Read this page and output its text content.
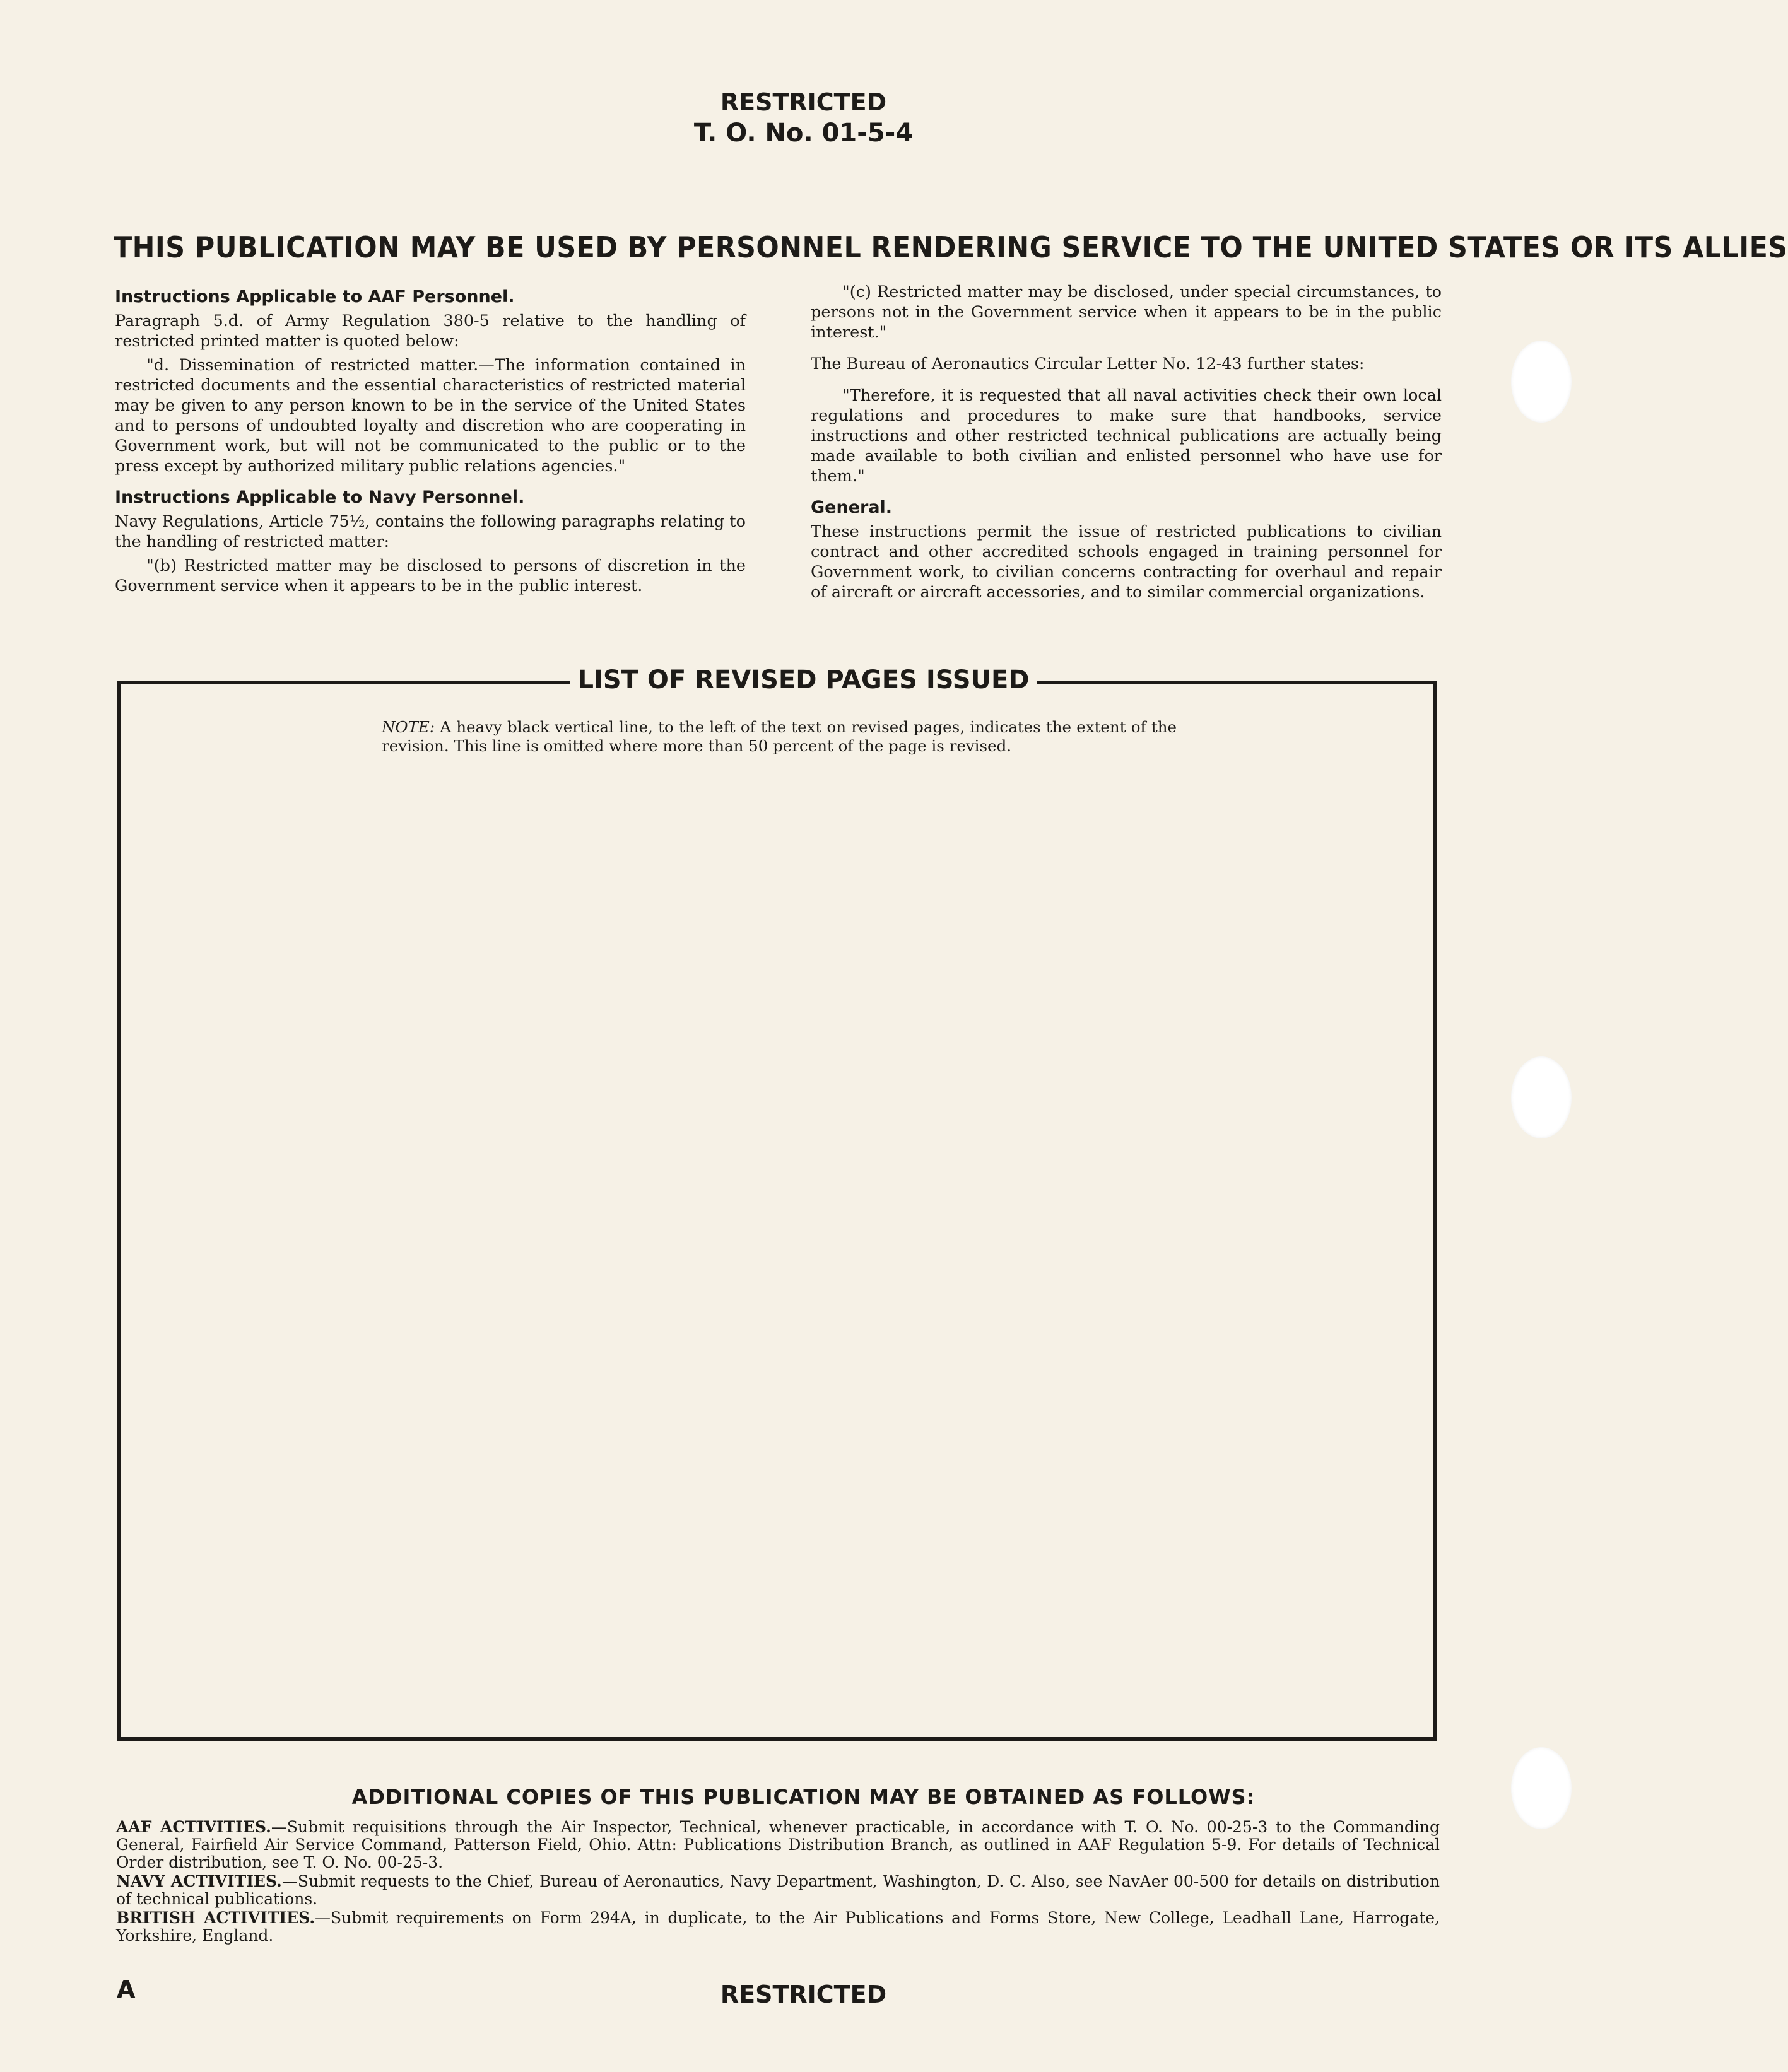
RESTRICTED
T. O. No. 01-5-4
THIS PUBLICATION MAY BE USED BY PERSONNEL RENDERING SERVICE TO THE UNITED STATES OR ITS ALLIES
Instructions Applicable to AAF Personnel.

Paragraph 5.d. of Army Regulation 380-5 relative to the handling of restricted printed matter is quoted below:

"d. Dissemination of restricted matter.—The information contained in restricted documents and the essential characteristics of restricted material may be given to any person known to be in the service of the United States and to persons of undoubted loyalty and discretion who are cooperating in Government work, but will not be communicated to the public or to the press except by authorized military public relations agencies."

Instructions Applicable to Navy Personnel.

Navy Regulations, Article 75½, contains the following paragraphs relating to the handling of restricted matter:

"(b) Restricted matter may be disclosed to persons of discretion in the Government service when it appears to be in the public interest.

"(c) Restricted matter may be disclosed, under special circumstances, to persons not in the Government service when it appears to be in the public interest."

The Bureau of Aeronautics Circular Letter No. 12-43 further states:

"Therefore, it is requested that all naval activities check their own local regulations and procedures to make sure that handbooks, service instructions and other restricted technical publications are actually being made available to both civilian and enlisted personnel who have use for them."

General.

These instructions permit the issue of restricted publications to civilian contract and other accredited schools engaged in training personnel for Government work, to civilian concerns contracting for overhaul and repair of aircraft or aircraft accessories, and to similar commercial organizations.

LIST OF REVISED PAGES ISSUED
NOTE: A heavy black vertical line, to the left of the text on revised pages, indicates the extent of the revision. This line is omitted where more than 50 percent of the page is revised.
ADDITIONAL COPIES OF THIS PUBLICATION MAY BE OBTAINED AS FOLLOWS:

AAF ACTIVITIES.—Submit requisitions through the Air Inspector, Technical, whenever practicable, in accordance with T. O. No. 00-25-3 to the Commanding General, Fairfield Air Service Command, Patterson Field, Ohio. Attn: Publications Distribution Branch, as outlined in AAF Regulation 5-9. For details of Technical Order distribution, see T. O. No. 00-25-3.

NAVY ACTIVITIES.—Submit requests to the Chief, Bureau of Aeronautics, Navy Department, Washington, D. C. Also, see NavAer 00-500 for details on distribution of technical publications.

BRITISH ACTIVITIES.—Submit requirements on Form 294A, in duplicate, to the Air Publications and Forms Store, New College, Leadhall Lane, Harrogate, Yorkshire, England.

A	RESTRICTED
